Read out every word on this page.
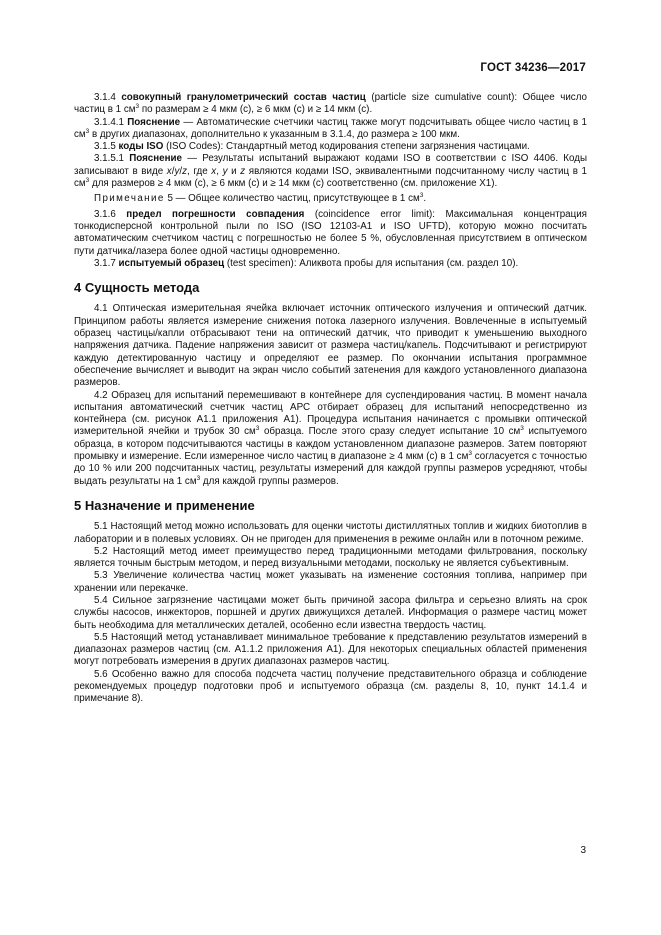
ГОСТ 34236—2017

3.1.4 совокупный гранулометрический состав частиц (particle size cumulative count): Общее число частиц в 1 $см^3$ по размерам ≥ 4 мкм (с), ≥ 6 мкм (с) и ≥ 14 мкм (с).

3.1.4.1 Пояснение — Автоматические счетчики частиц также могут подсчитывать общее число частиц в 1 $см^3$ в других диапазонах, дополнительно к указанным в 3.1.4, до размера ≥ 100 мкм.

3.1.5 коды ISO (ISO Codes): Стандартный метод кодирования степени загрязнения частицами.

3.1.5.1 Пояснение — Результаты испытаний выражают кодами ISO в соответствии с ISO 4406. Коды записывают в виде x/y/z, где x, y и z являются кодами ISO, эквивалентными подсчитанному числу частиц в 1 $см^3$ для размеров ≥ 4 мкм (с), ≥ 6 мкм (с) и ≥ 14 мкм (с) соответственно (см. приложение Х1).

Примечание 5 — Общее количество частиц, присутствующее в 1 $см^3$.

3.1.6 предел погрешности совпадения (coincidence error limit): Максимальная концентрация тонкодисперсной контрольной пыли по ISO (ISO 12103-A1 и ISO UFTD), которую можно посчитать автоматическим счетчиком частиц с погрешностью не более 5 %, обусловленная присутствием в оптическом пути датчика/лазера более одной частицы одновременно.

3.1.7 испытуемый образец (test specimen): Аликвота пробы для испытания (см. раздел 10).

4 Сущность метода

4.1 Оптическая измерительная ячейка включает источник оптического излучения и оптический датчик. Принципом работы является измерение снижения потока лазерного излучения. Вовлеченные в испытуемый образец частицы/капли отбрасывают тени на оптический датчик, что приводит к уменьшению выходного напряжения датчика. Падение напряжения зависит от размера частиц/капель. Подсчитывают и регистрируют каждую детектированную частицу и определяют ее размер. По окончании испытания программное обеспечение вычисляет и выводит на экран число событий затенения для каждого установленного диапазона размеров.

4.2 Образец для испытаний перемешивают в контейнере для суспендирования частиц. В момент начала испытания автоматический счетчик частиц АРС отбирает образец для испытаний непосредственно из контейнера (см. рисунок А1.1 приложения А1). Процедура испытания начинается с промывки оптической измерительной ячейки и трубок 30 $см^3$ образца. После этого сразу следует испытание 10 $см^3$ испытуемого образца, в котором подсчитываются частицы в каждом установленном диапазоне размеров. Затем повторяют промывку и измерение. Если измеренное число частиц в диапазоне ≥ 4 мкм (с) в 1 $см^3$ согласуется с точностью до 10 % или 200 подсчитанных частиц, результаты измерений для каждой группы размеров усредняют, чтобы выдать результаты на 1 $см^3$ для каждой группы размеров.

5 Назначение и применение

5.1 Настоящий метод можно использовать для оценки чистоты дистиллятных топлив и жидких биотоплив в лаборатории и в полевых условиях. Он не пригоден для применения в режиме онлайн или в поточном режиме.

5.2 Настоящий метод имеет преимущество перед традиционными методами фильтрования, поскольку является точным быстрым методом, и перед визуальными методами, поскольку не является субъективным.

5.3 Увеличение количества частиц может указывать на изменение состояния топлива, например при хранении или перекачке.

5.4 Сильное загрязнение частицами может быть причиной засора фильтра и серьезно влиять на срок службы насосов, инжекторов, поршней и других движущихся деталей. Информация о размере частиц может быть необходима для металлических деталей, особенно если известна твердость частиц.

5.5 Настоящий метод устанавливает минимальное требование к представлению результатов измерений в диапазонах размеров частиц (см. А1.1.2 приложения А1). Для некоторых специальных областей применения могут потребовать измерения в других диапазонах размеров частиц.

5.6 Особенно важно для способа подсчета частиц получение представительного образца и соблюдение рекомендуемых процедур подготовки проб и испытуемого образца (см. разделы 8, 10, пункт 14.1.4 и примечание 8).

3
